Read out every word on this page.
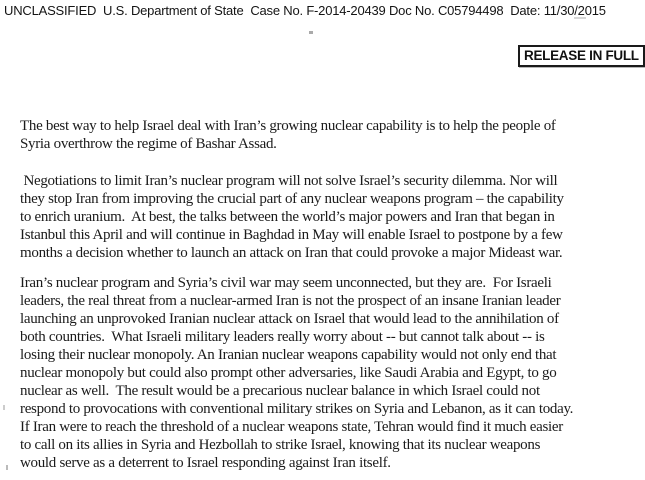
UNCLASSIFIED  U.S. Department of State  Case No. F-2014-20439 Doc No. C05794498  Date: 11/30/2015
RELEASE IN FULL
The best way to help Israel deal with Iran’s growing nuclear capability is to help the people of
Syria overthrow the regime of Bashar Assad.
Negotiations to limit Iran’s nuclear program will not solve Israel’s security dilemma. Nor will
they stop Iran from improving the crucial part of any nuclear weapons program – the capability
to enrich uranium.  At best, the talks between the world’s major powers and Iran that began in
Istanbul this April and will continue in Baghdad in May will enable Israel to postpone by a few
months a decision whether to launch an attack on Iran that could provoke a major Mideast war.
Iran’s nuclear program and Syria’s civil war may seem unconnected, but they are.  For Israeli
leaders, the real threat from a nuclear-armed Iran is not the prospect of an insane Iranian leader
launching an unprovoked Iranian nuclear attack on Israel that would lead to the annihilation of
both countries.  What Israeli military leaders really worry about -- but cannot talk about -- is
losing their nuclear monopoly. An Iranian nuclear weapons capability would not only end that
nuclear monopoly but could also prompt other adversaries, like Saudi Arabia and Egypt, to go
nuclear as well.  The result would be a precarious nuclear balance in which Israel could not
respond to provocations with conventional military strikes on Syria and Lebanon, as it can today.
If Iran were to reach the threshold of a nuclear weapons state, Tehran would find it much easier
to call on its allies in Syria and Hezbollah to strike Israel, knowing that its nuclear weapons
would serve as a deterrent to Israel responding against Iran itself.
